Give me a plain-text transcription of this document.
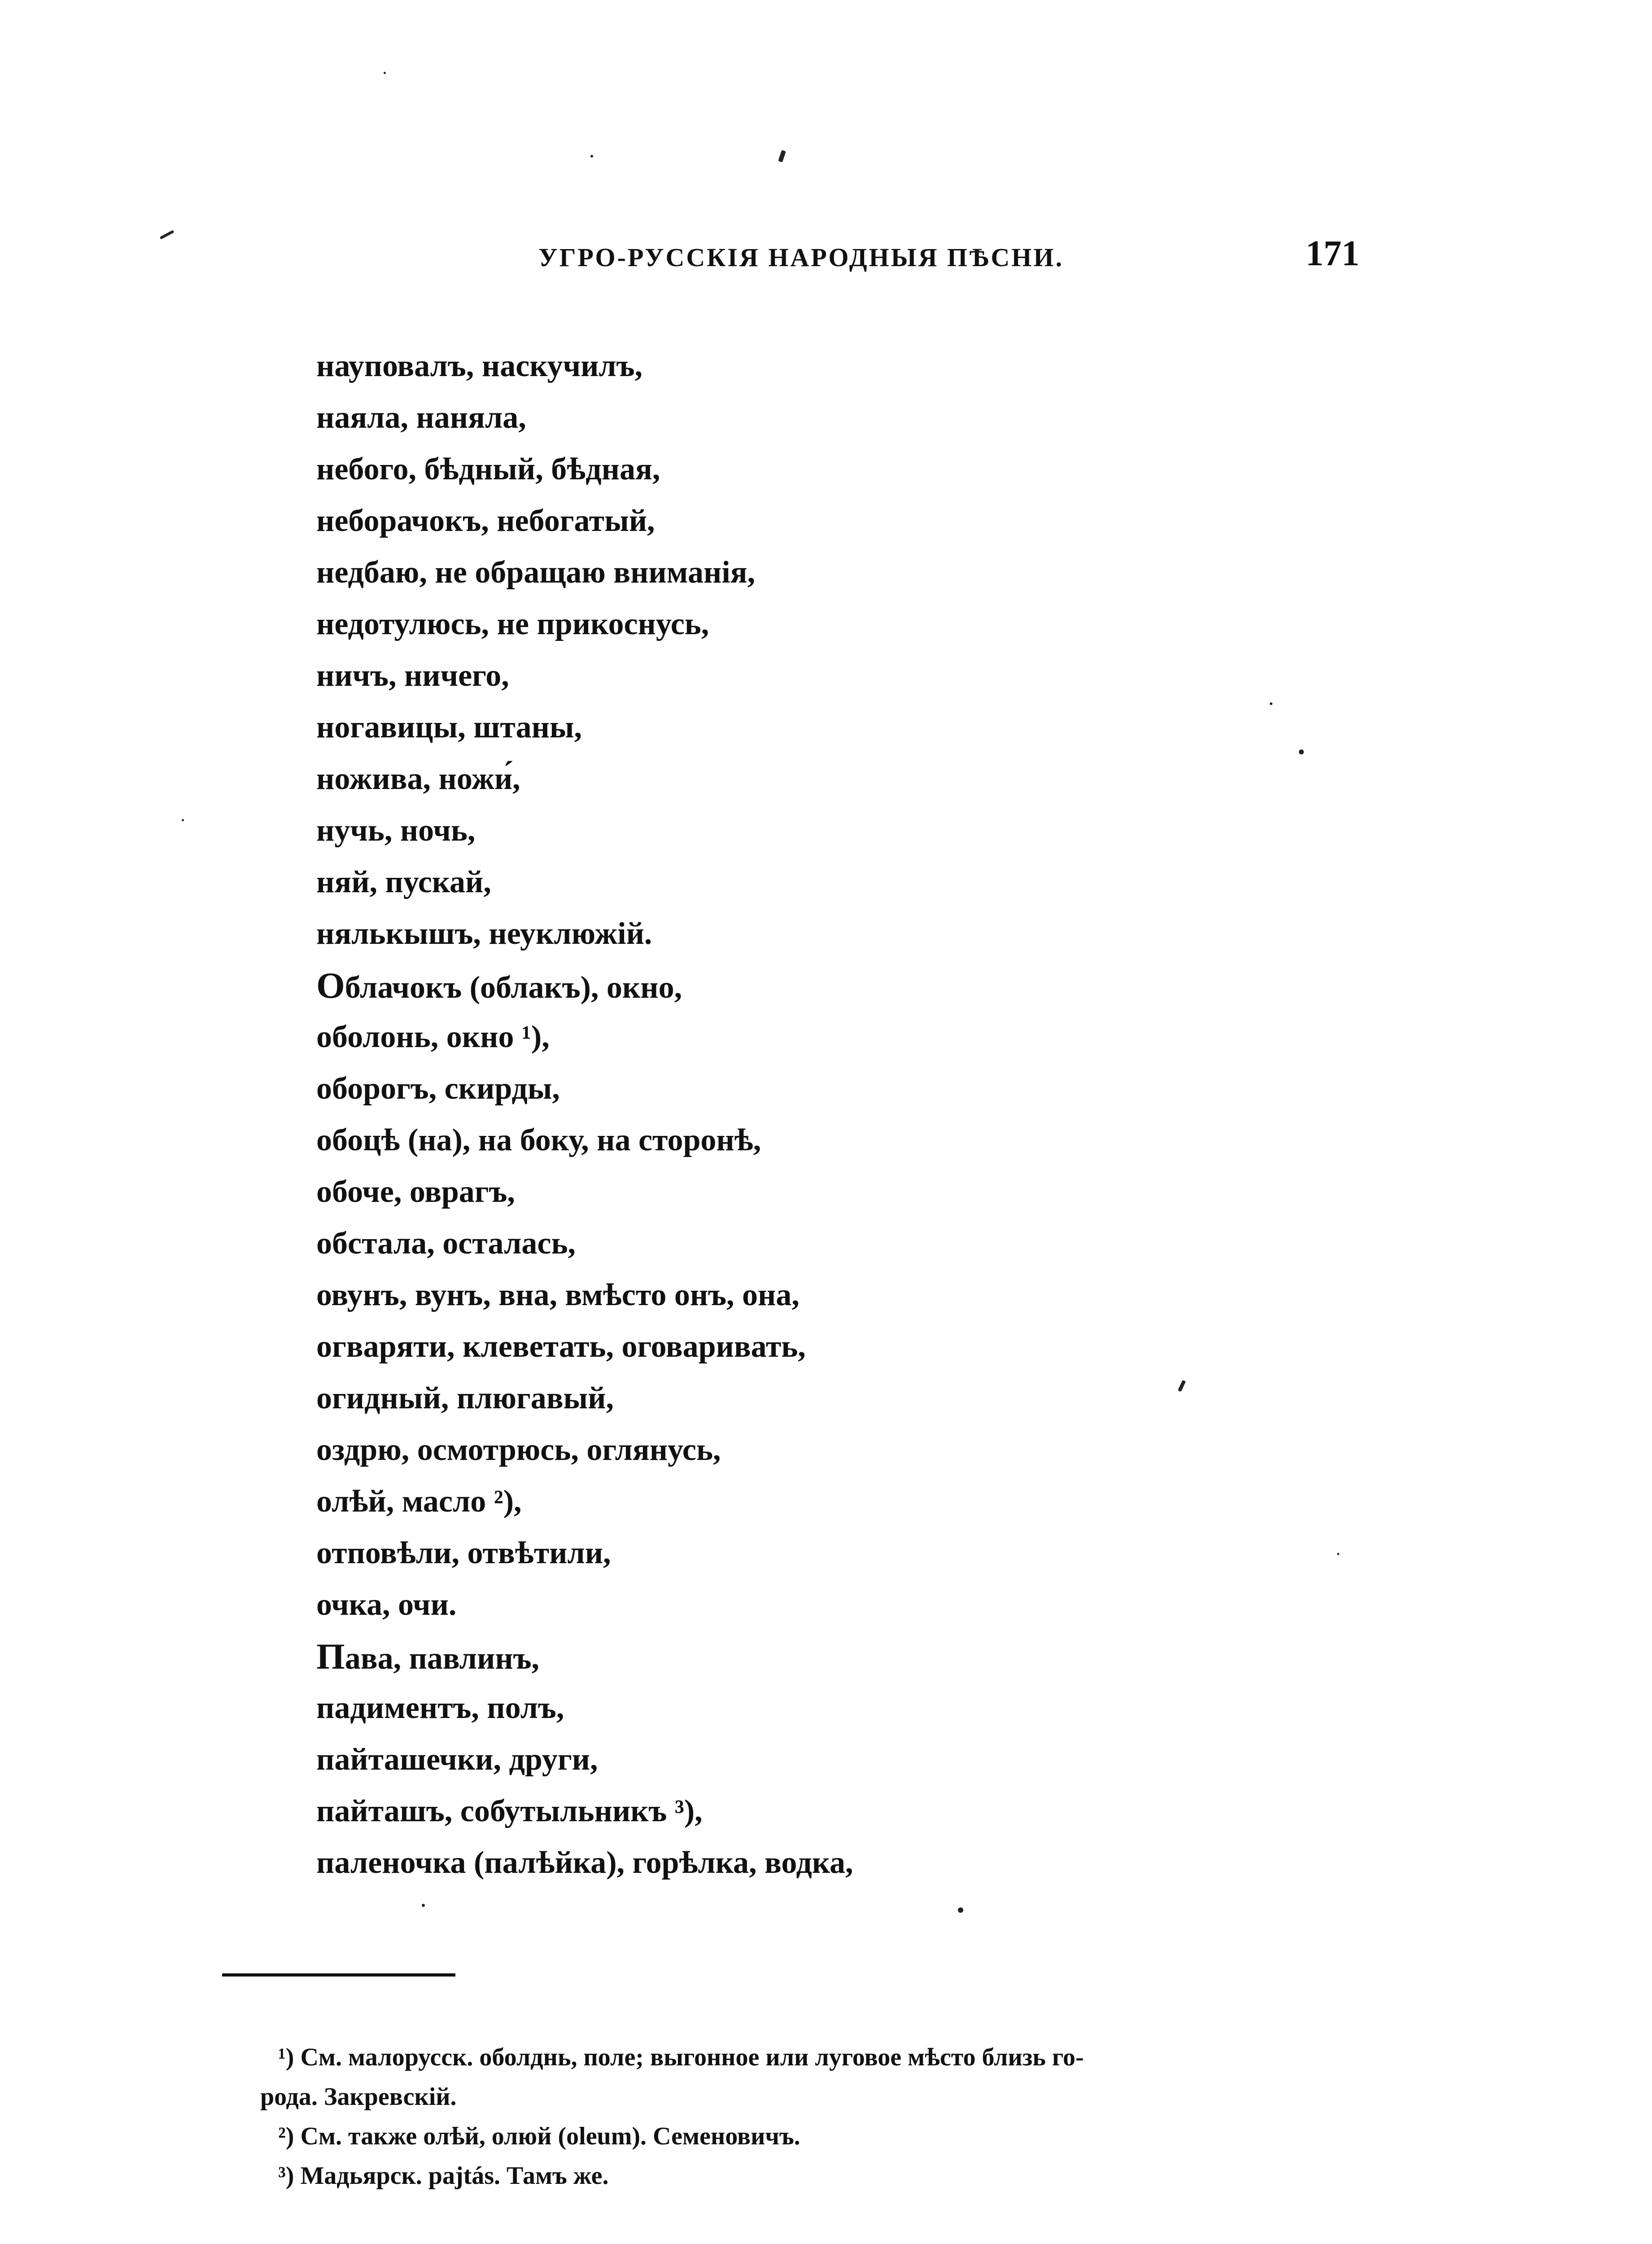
УГРО-РУССКІЯ НАРОДНЫЯ ПѢСНИ.	171
науповалъ, наскучилъ,
наяла, наняла,
небого, бѣдный, бѣдная,
неборачокъ, небогатый,
недбаю, не обращаю вниманія,
недотулюсь, не прикоснусь,
ничъ, ничего,
ногавицы, штаны,
ножива, ножи́,
нучь, ночь,
няй, пускай,
нялькышъ, неуклюжій.
Облачокъ (облакъ), окно,
оболонь, окно ¹),
оборогъ, скирды,
обоцѣ (на), на боку, на сторонѣ,
обоче, оврагъ,
обстала, осталась,
овунъ, вунъ, вна, вмѣсто онъ, она,
огваряти, клеветать, оговаривать,
огидный, плюгавый,
оздрю, осмотрюсь, оглянусь,
олѣй, масло ²),
отповѣли, отвѣтили,
очка, очи.
Пава, павлинъ,
падиментъ, полъ,
пайташечки, други,
пайташъ, собутыльникъ ³),
паленочка (палѣйка), горѣлка, водка,
¹) См. малорусск. оболднь, поле; выгонное или луговое мѣсто близь го-
рода. Закревскій.
²) См. также олѣй, олюй (oleum). Семеновичъ.
³) Мадьярск. pajtás. Тамъ же.
